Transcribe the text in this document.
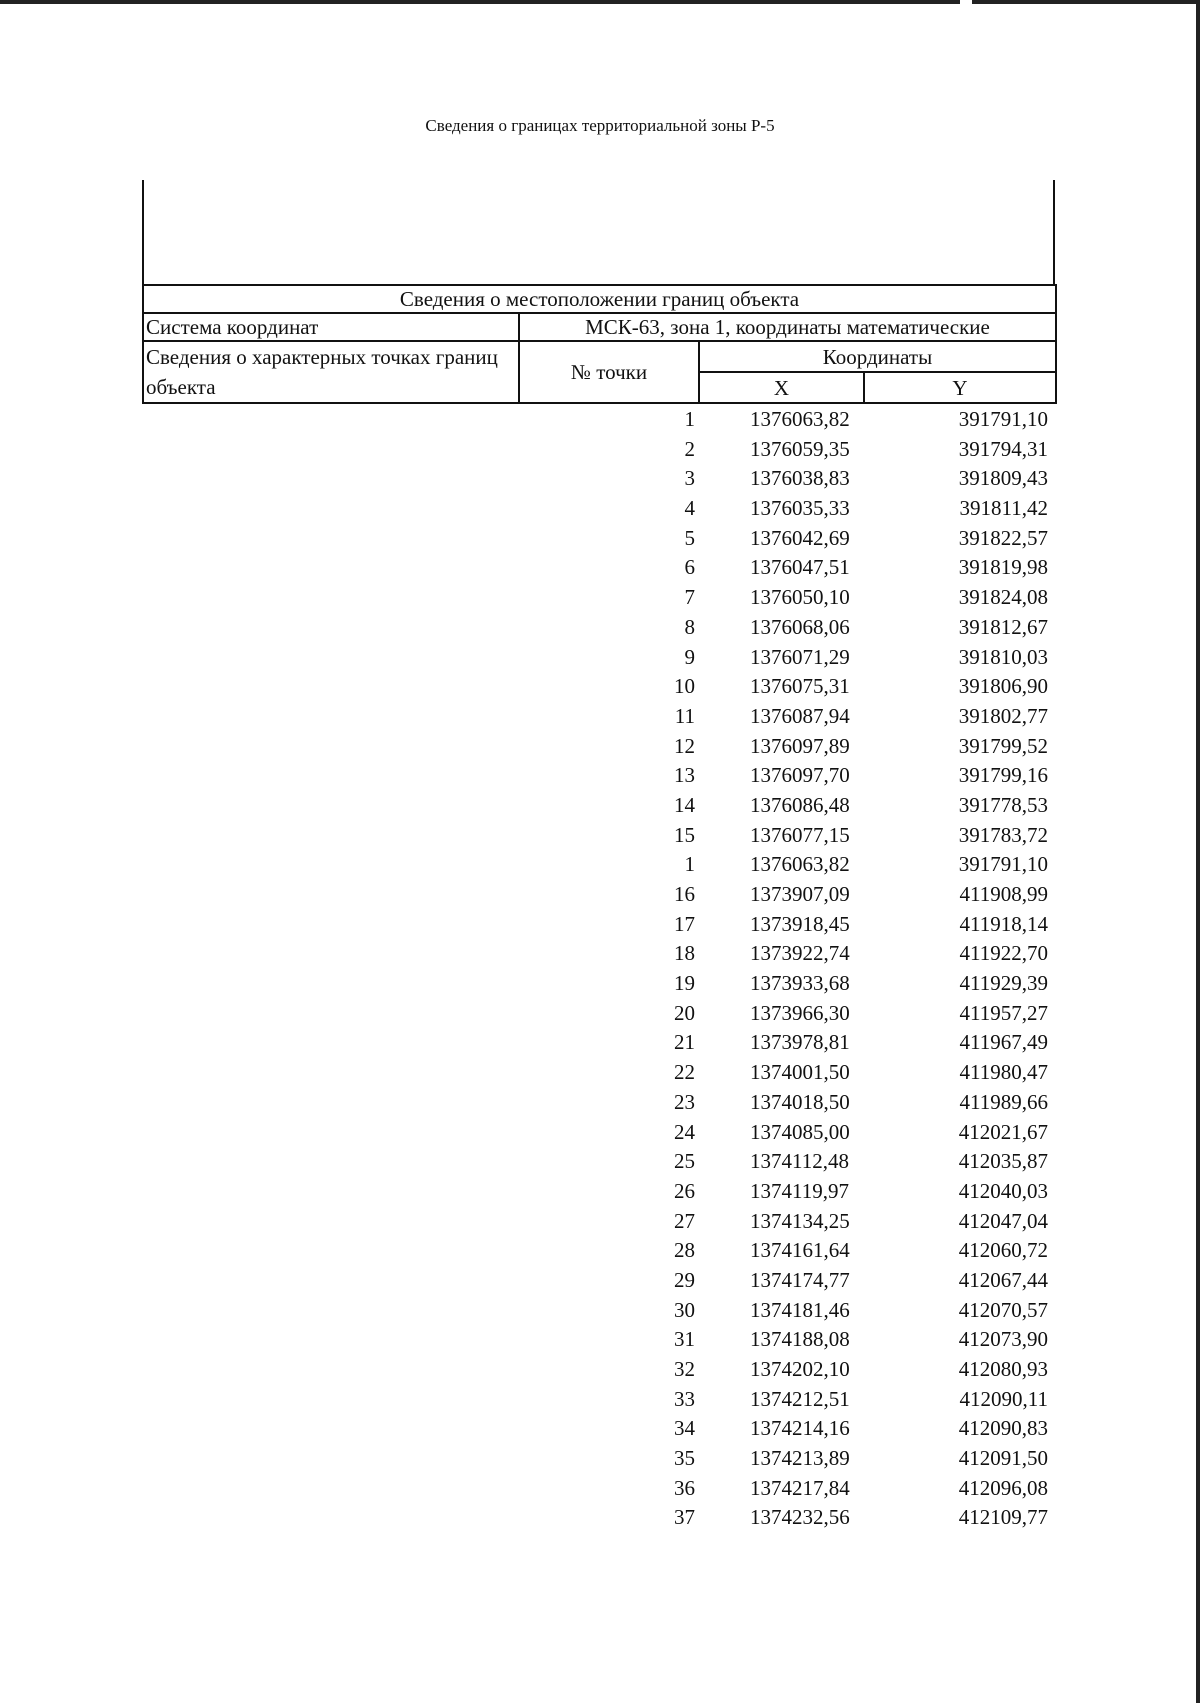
Сведения о границах территориальной зоны Р-5
Сведения о местоположении границ объекта			
Система координат	МСК-63, зона 1, координаты математические		
Сведения о характерных точках границ объекта	№ точки	Координаты	
		X	Y
1	1376063,82	391791,10
2	1376059,35	391794,31
3	1376038,83	391809,43
4	1376035,33	391811,42
5	1376042,69	391822,57
6	1376047,51	391819,98
7	1376050,10	391824,08
8	1376068,06	391812,67
9	1376071,29	391810,03
10	1376075,31	391806,90
11	1376087,94	391802,77
12	1376097,89	391799,52
13	1376097,70	391799,16
14	1376086,48	391778,53
15	1376077,15	391783,72
1	1376063,82	391791,10
16	1373907,09	411908,99
17	1373918,45	411918,14
18	1373922,74	411922,70
19	1373933,68	411929,39
20	1373966,30	411957,27
21	1373978,81	411967,49
22	1374001,50	411980,47
23	1374018,50	411989,66
24	1374085,00	412021,67
25	1374112,48	412035,87
26	1374119,97	412040,03
27	1374134,25	412047,04
28	1374161,64	412060,72
29	1374174,77	412067,44
30	1374181,46	412070,57
31	1374188,08	412073,90
32	1374202,10	412080,93
33	1374212,51	412090,11
34	1374214,16	412090,83
35	1374213,89	412091,50
36	1374217,84	412096,08
37	1374232,56	412109,77
